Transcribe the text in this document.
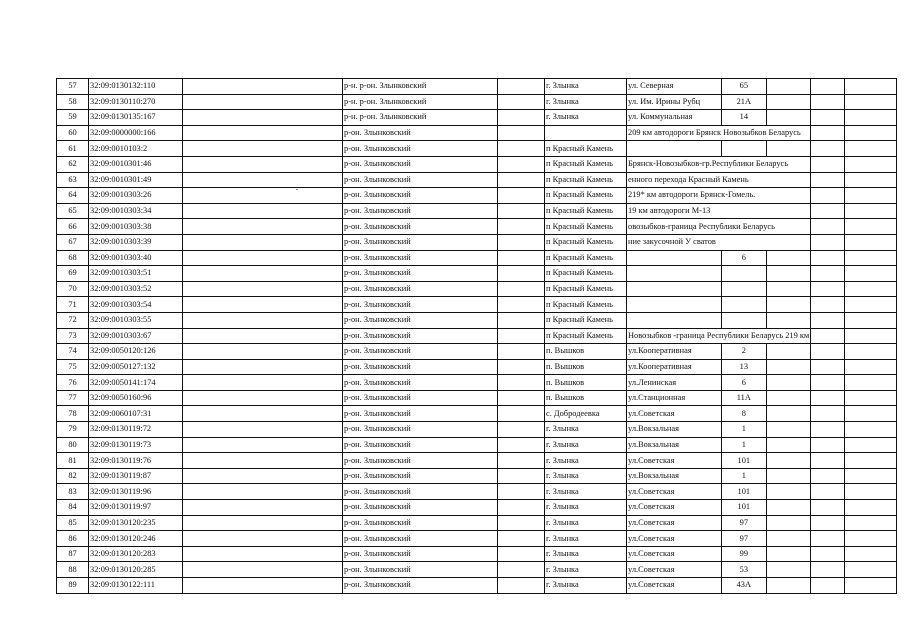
57	32:09:0130132:110		р-н. р-он. Злынковский		г. Злынка	ул. Северная	65			
58	32:09:0130110:270		р-н. р-он. Злынковский		г. Злынка	ул. Им. Ирины Рубц	21А			
59	32:09:0130135:167		р-н. р-он. Злынковский		г. Злынка	ул. Коммунальная	14			
60	32:09:0000000:166		р-он. Злынковский			209 км автодороги Брянск Новозыбков Беларусь				
61	32:09:0010103:2		р-он. Злынковский		п Красный Камень					
62	32:09:0010301:46		р-он. Злынковский		п Красный Камень	Брянск-Новозыбков-гр.Республики Беларусь				
63	32:09:0010301:49		р-он. Злынковский		п Красный Камень	енного перехода Красный Камень				
64	32:09:0010303:26		р-он. Злынковский		п Красный Камень	219* км автодороги Брянск-Гомель.				
65	32:09:0010303:34		р-он. Злынковский		п Красный Камень	19 км автодороги М-13				
66	32:09:0010303:38		р-он. Злынковский		п Красный Камень	овозыбков-граница Республики Беларусь				
67	32:09:0010303:39		р-он. Злынковский		п Красный Камень	ние закусочной У сватов				
68	32:09:0010303:40		р-он. Злынковский		п Красный Камень		6			
69	32:09:0010303:51		р-он. Злынковский		п Красный Камень					
70	32:09:0010303:52		р-он. Злынковский		п Красный Камень					
71	32:09:0010303:54		р-он. Злынковский		п Красный Камень					
72	32:09:0010303:55		р-он. Злынковский		п Красный Камень					
73	32:09:0010303:67		р-он. Злынковский		п Красный Камень	Новозыбков -граница Республики Беларусь 219 км				
74	32:09:0050120:126		р-он. Злынковский		п. Вышков	ул.Кооперативная	2			
75	32:09:0050127:132		р-он. Злынковский		п. Вышков	ул.Кооперативная	13			
76	32:09:0050141:174		р-он. Злынковский		п. Вышков	ул.Ленинская	6			
77	32:09:0050160:96		р-он. Злынковский		п. Вышков	ул.Станционная	11А			
78	32:09:0060107:31		р-он. Злынковский		с. Добродеевка	ул.Советская	8			
79	32:09:0130119:72		р-он. Злынковский		г. Злынка	ул.Вокзальная	1			
80	32:09:0130119:73		р-он. Злынковский		г. Злынка	ул.Вокзальная	1			
81	32:09:0130119:76		р-он. Злынковский		г. Злынка	ул.Советская	101			
82	32:09:0130119:87		р-он. Злынковский		г. Злынка	ул.Вокзальная	1			
83	32:09:0130119:96		р-он. Злынковский		г. Злынка	ул.Советская	101			
84	32:09:0130119:97		р-он. Злынковский		г. Злынка	ул.Советская	101			
85	32:09:0130120:235		р-он. Злынковский		г. Злынка	ул.Советская	97			
86	32:09:0130120:246		р-он. Злынковский		г. Злынка	ул.Советская	97			
87	32:09:0130120:283		р-он. Злынковский		г. Злынка	ул.Советская	99			
88	32:09:0130120:285		р-он. Злынковский		г. Злынка	ул.Советская	53			
89	32:09:0130122:111		р-он. Злынковский		г. Злынка	ул.Советская	43А			
